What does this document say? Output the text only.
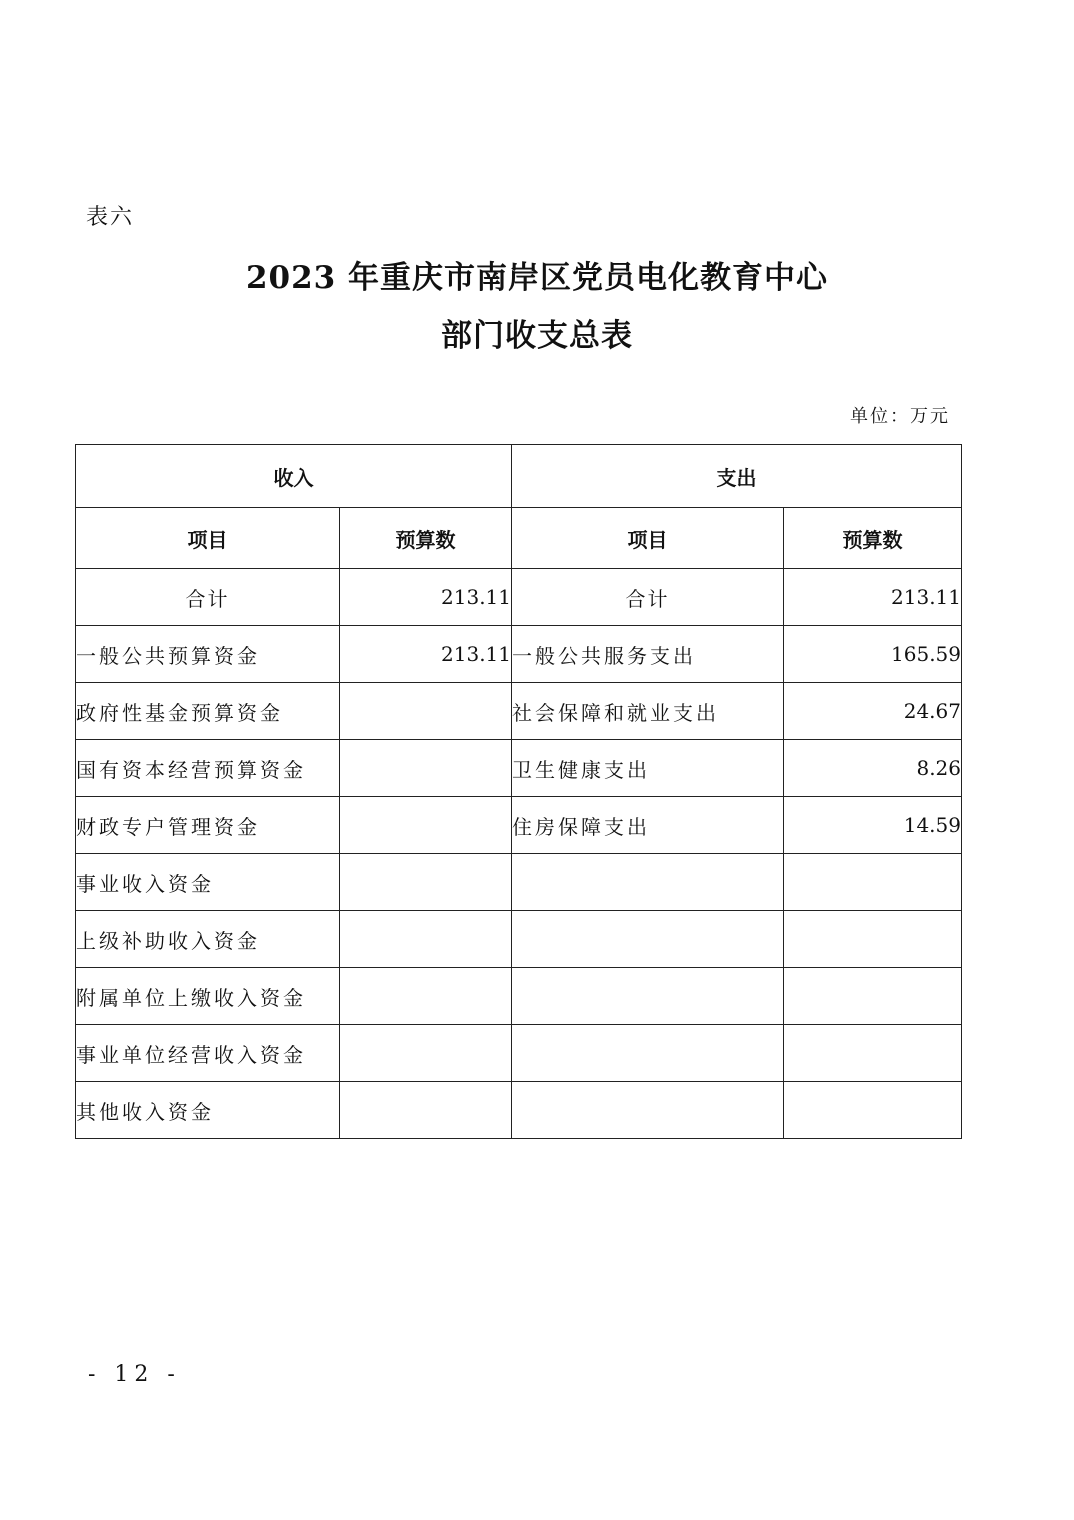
表六
2023 年重庆市南岸区党员电化教育中心
部门收支总表
单位：万元
收入		支出	
项目	预算数	项目	预算数
合计	213.11	合计	213.11
一般公共预算资金	213.11	一般公共服务支出	165.59
政府性基金预算资金		社会保障和就业支出	24.67
国有资本经营预算资金		卫生健康支出	8.26
财政专户管理资金		住房保障支出	14.59
事业收入资金			
上级补助收入资金			
附属单位上缴收入资金			
事业单位经营收入资金			
其他收入资金			
- 12 -
